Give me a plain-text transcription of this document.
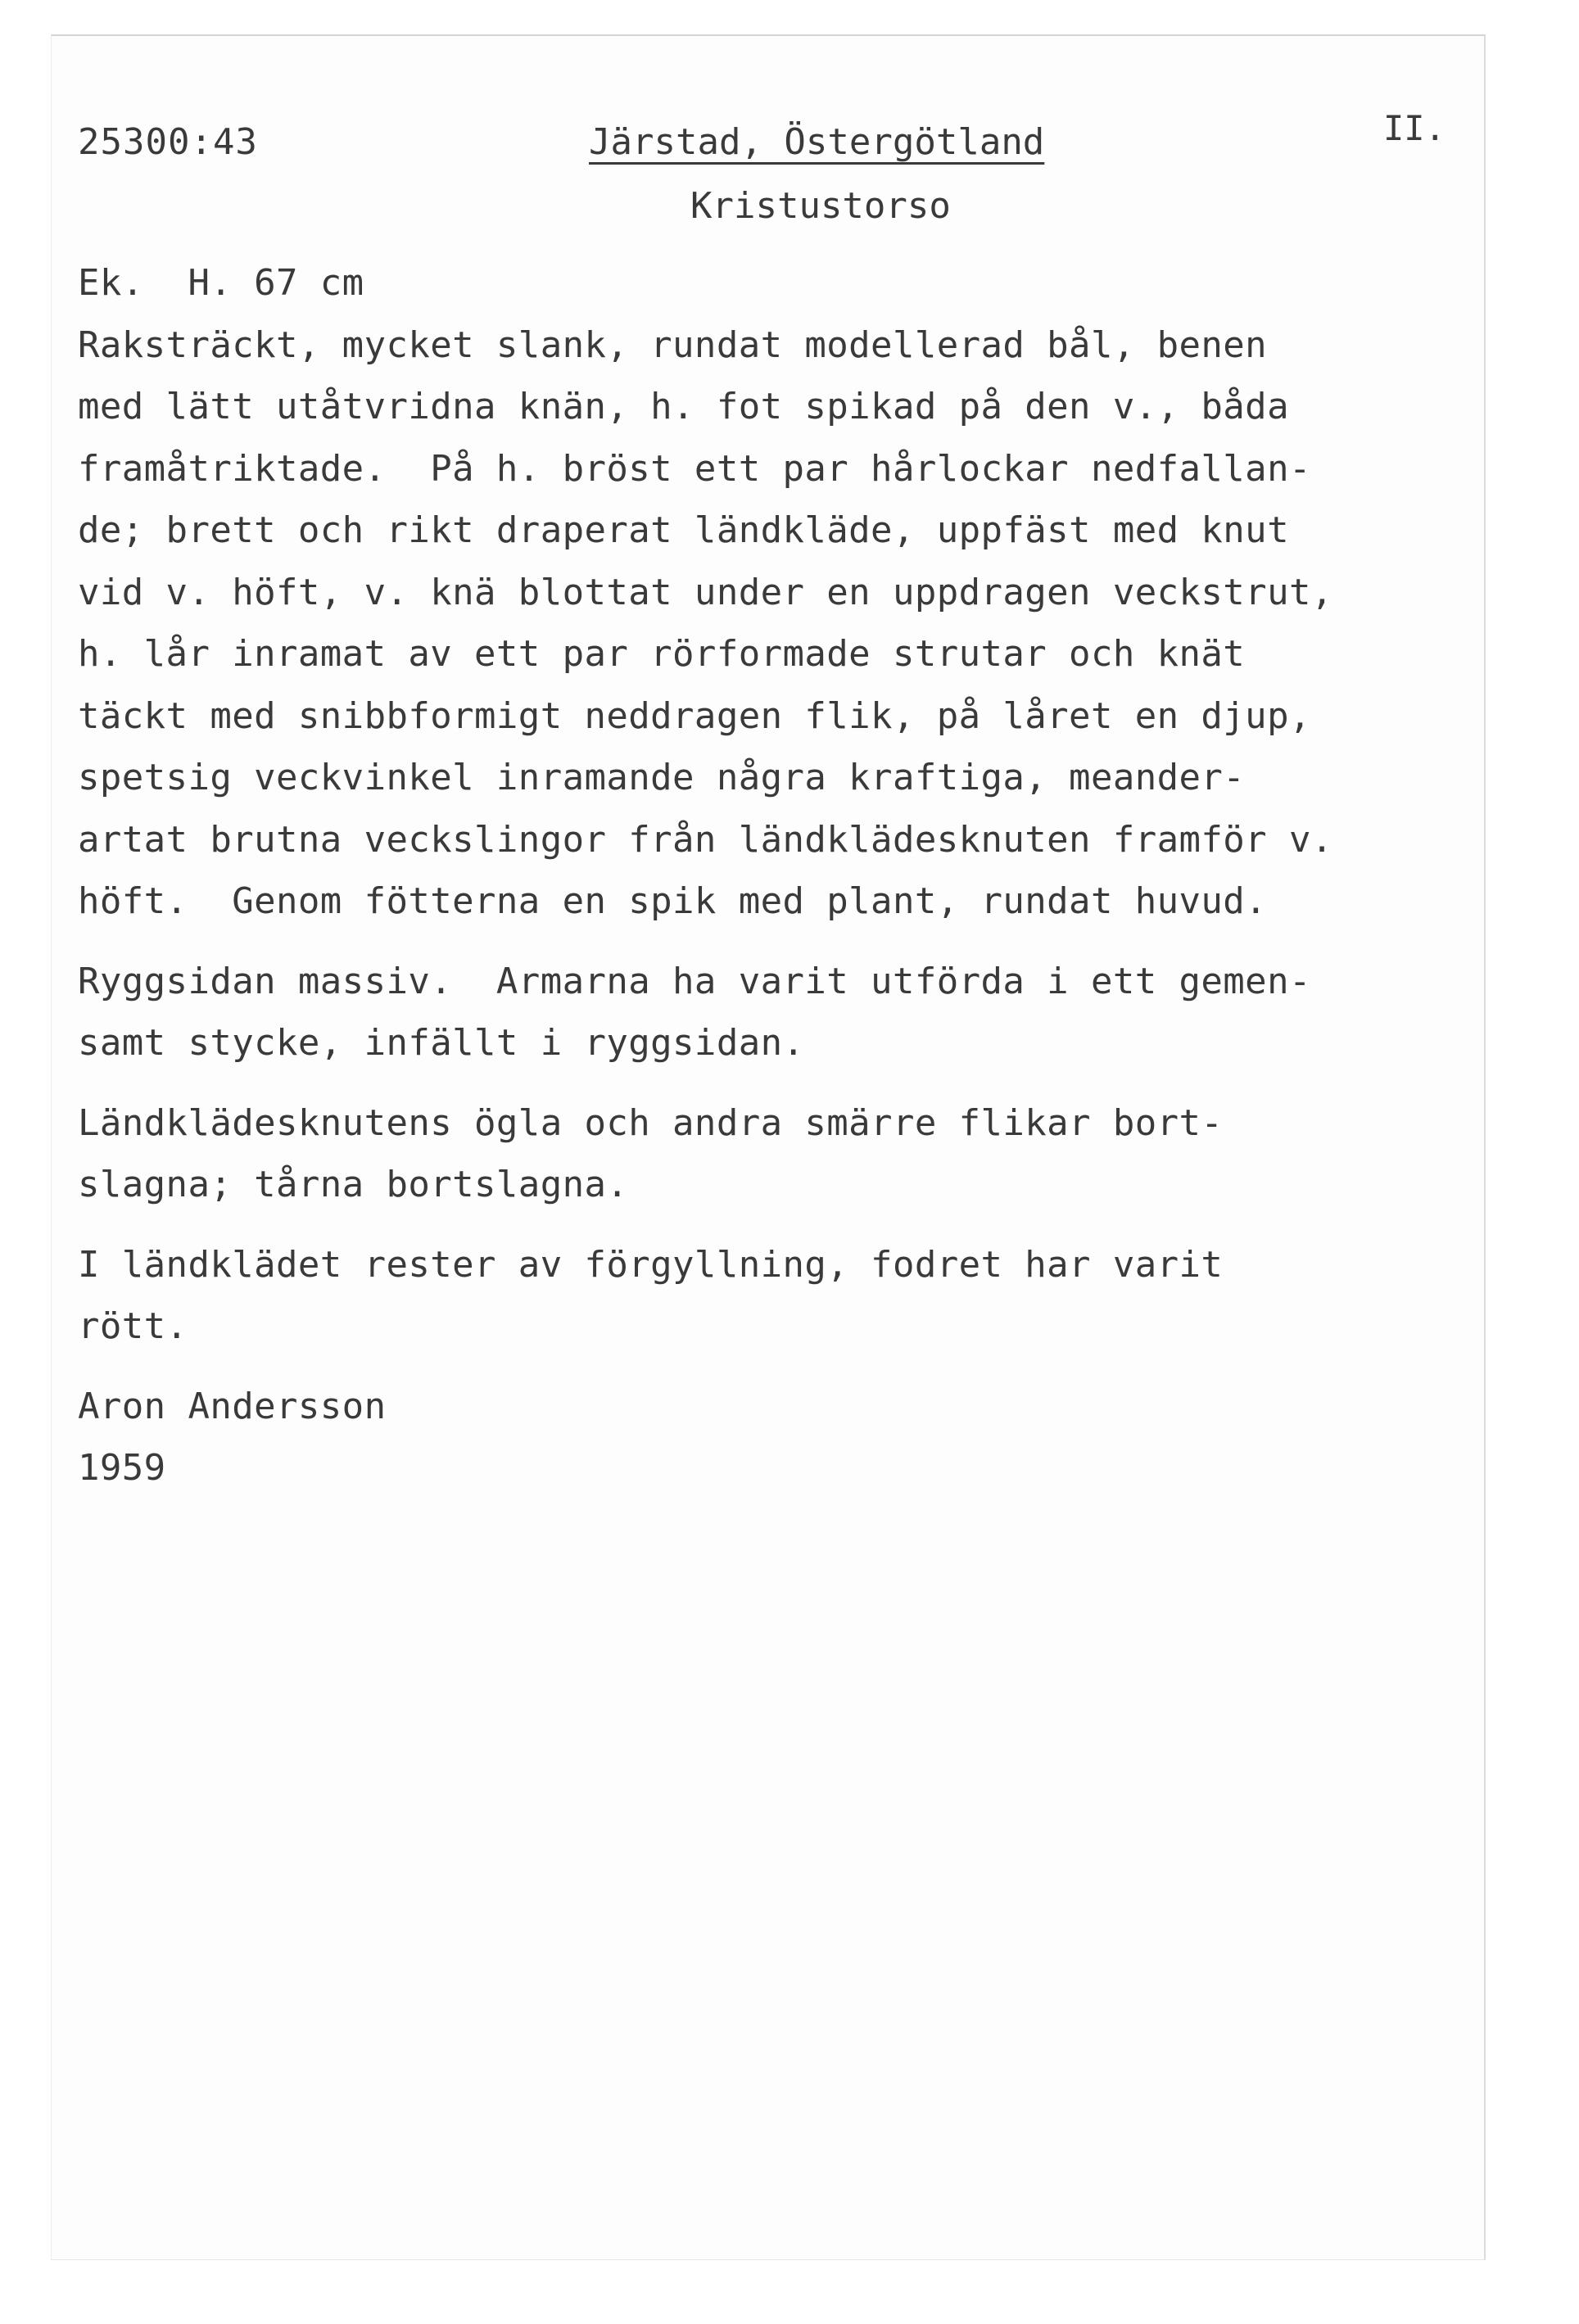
25300:43	Järstad, Östergötland	II.
Kristustorso

Ek.  H. 67 cm

Raksträckt, mycket slank, rundat modellerad bål, benen

med lätt utåtvridna knän, h. fot spikad på den v., båda

framåtriktade.  På h. bröst ett par hårlockar nedfallan-

de; brett och rikt draperat ländkläde, uppfäst med knut

vid v. höft, v. knä blottat under en uppdragen veckstrut,

h. lår inramat av ett par rörformade strutar och knät

täckt med snibbformigt neddragen flik, på låret en djup,

spetsig veckvinkel inramande några kraftiga, meander-

artat brutna veckslingor från ländklädesknuten framför v.

höft.  Genom fötterna en spik med plant, rundat huvud.

Ryggsidan massiv.  Armarna ha varit utförda i ett gemen-

samt stycke, infällt i ryggsidan.

Ländklädesknutens ögla och andra smärre flikar bort-

slagna; tårna bortslagna.

I ländklädet rester av förgyllning, fodret har varit

rött.

Aron Andersson

1959
